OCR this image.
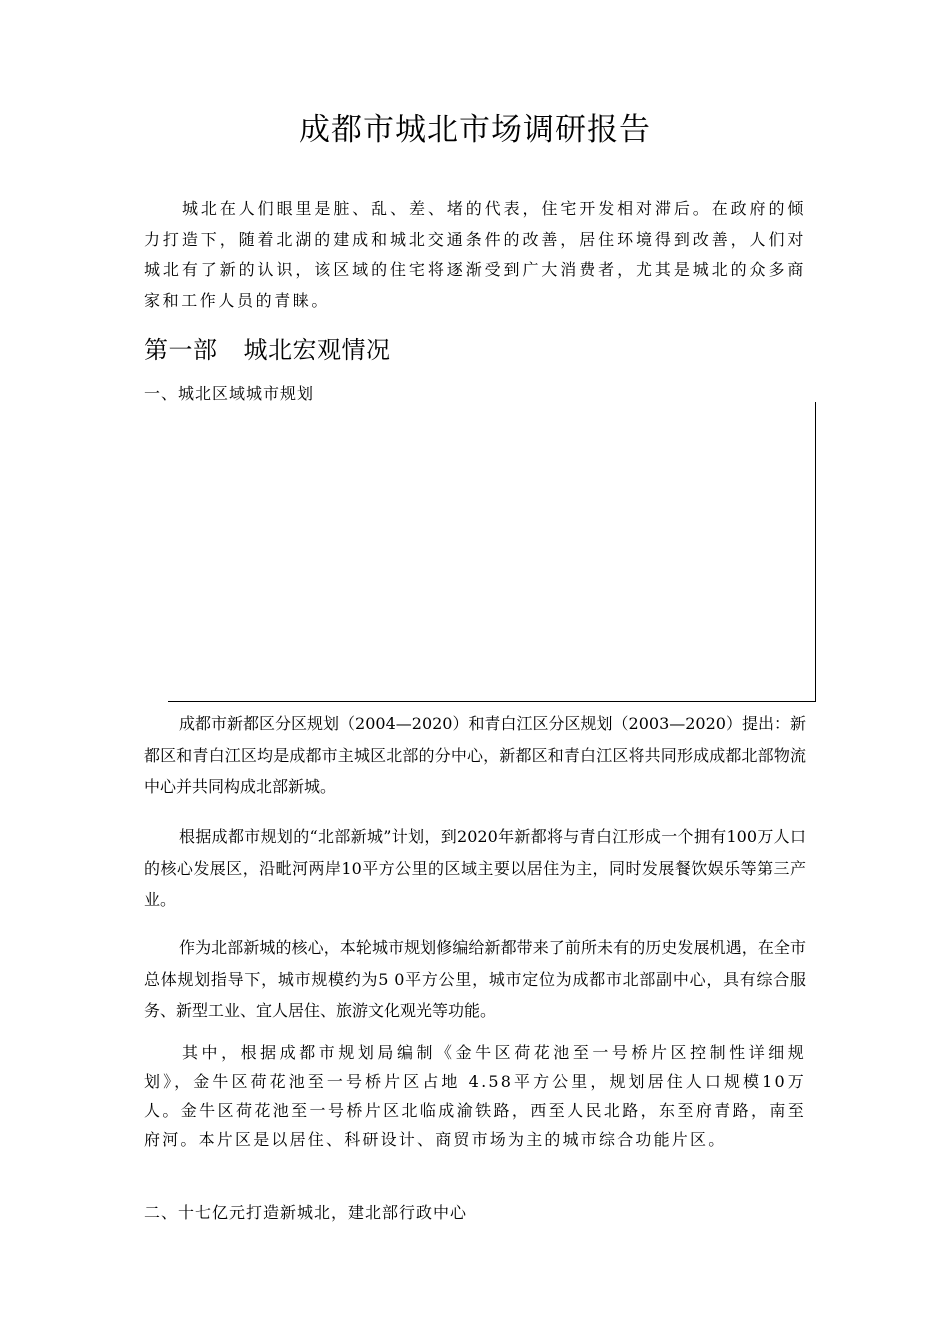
成都市城北市场调研报告
城北在人们眼里是脏、乱、差、堵的代表，住宅开发相对滞后。在政府的倾力打造下，随着北湖的建成和城北交通条件的改善，居住环境得到改善，人们对城北有了新的认识，该区域的住宅将逐渐受到广大消费者，尤其是城北的众多商家和工作人员的青睐。
第一部 城北宏观情况
一、城北区域城市规划
成都市新都区分区规划（2004—2020）和青白江区分区规划（2003—2020）提出：新都区和青白江区均是成都市主城区北部的分中心，新都区和青白江区将共同形成成都北部物流中心并共同构成北部新城。
根据成都市规划的“北部新城”计划，到2020年新都将与青白江形成一个拥有100万人口的核心发展区，沿毗河两岸10平方公里的区域主要以居住为主，同时发展餐饮娱乐等第三产业。
作为北部新城的核心，本轮城市规划修编给新都带来了前所未有的历史发展机遇，在全市总体规划指导下，城市规模约为5 0平方公里，城市定位为成都市北部副中心，具有综合服务、新型工业、宜人居住、旅游文化观光等功能。
其中，根据成都市规划局编制《金牛区荷花池至一号桥片区控制性详细规划》，金牛区荷花池至一号桥片区占地 4.58平方公里，规划居住人口规模10万人。金牛区荷花池至一号桥片区北临成渝铁路，西至人民北路，东至府青路，南至府河。本片区是以居住、科研设计、商贸市场为主的城市综合功能片区。
二、十七亿元打造新城北，建北部行政中心
